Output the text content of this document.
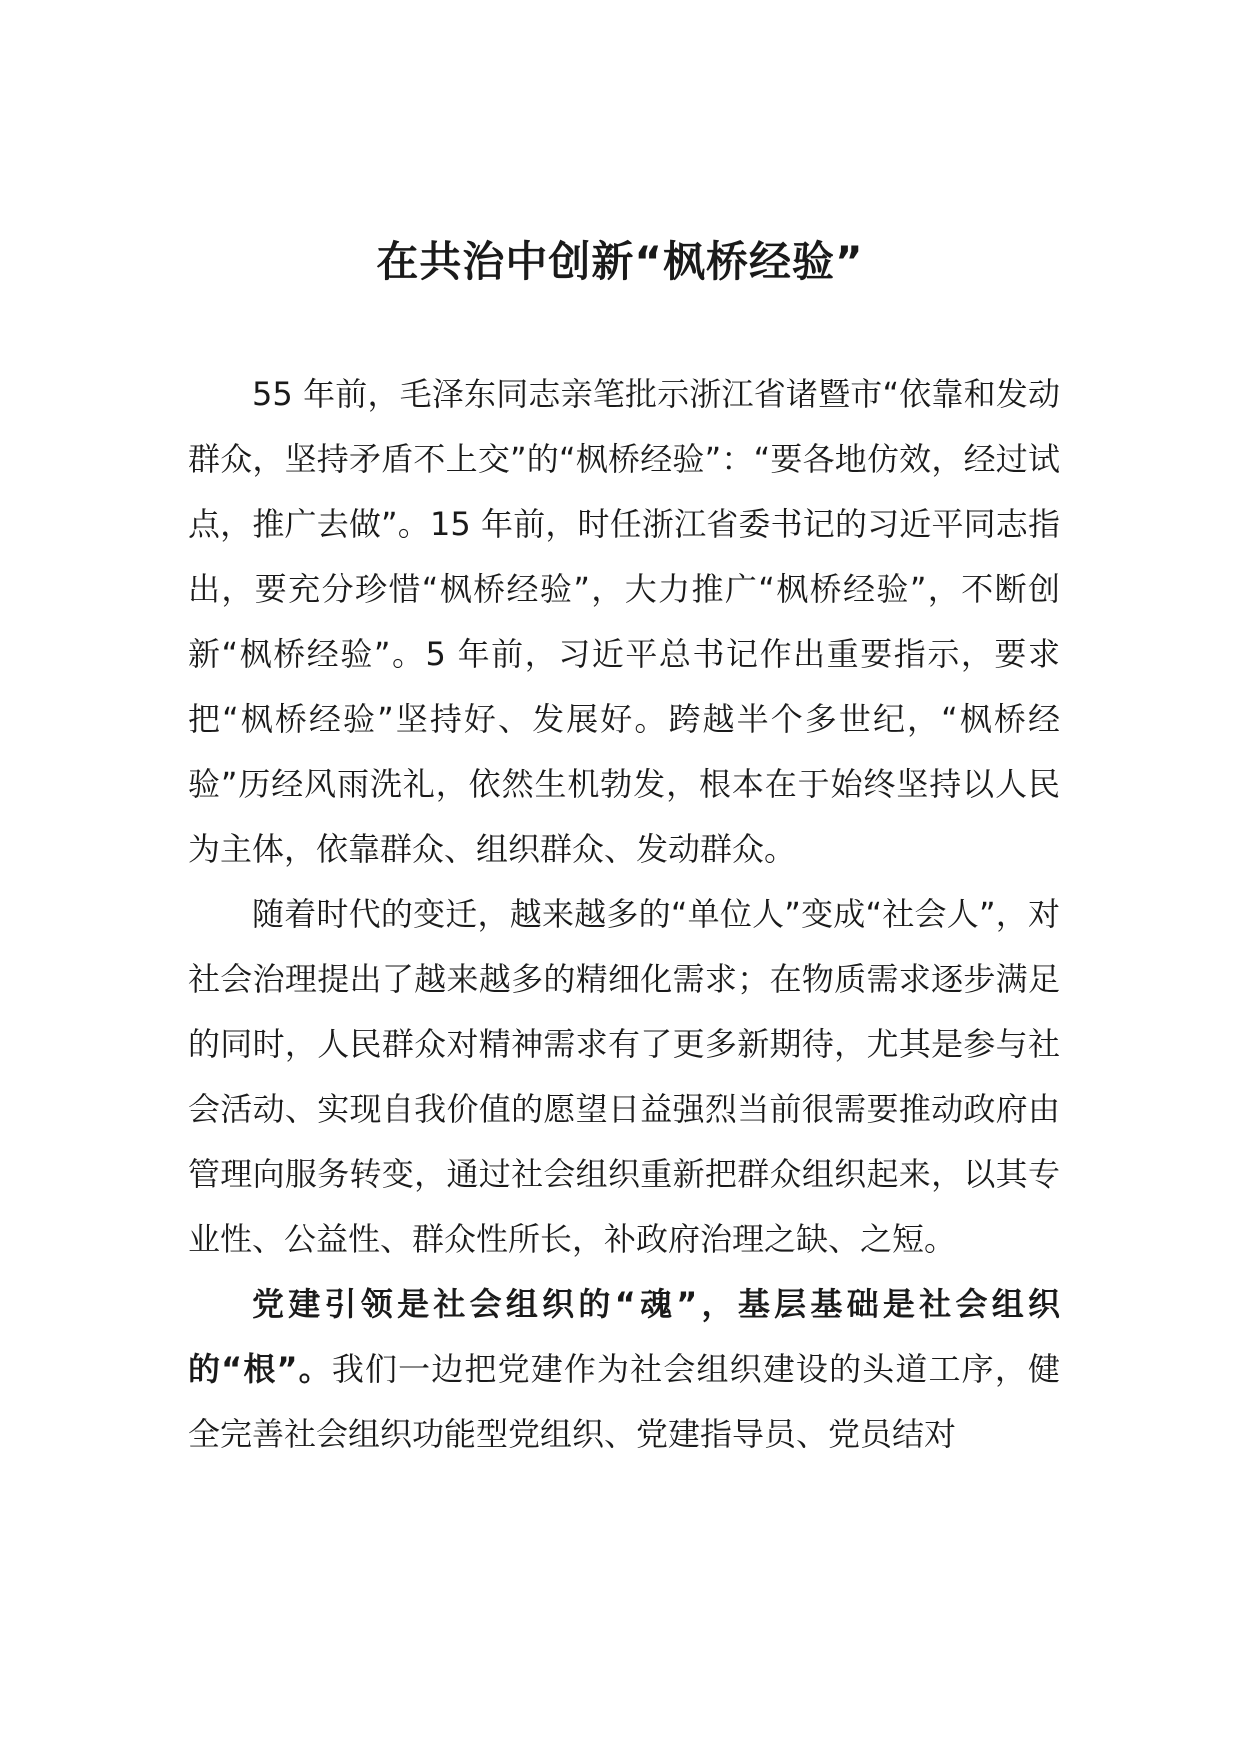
在共治中创新“枫桥经验”

55 年前，毛泽东同志亲笔批示浙江省诸暨市“依靠和发动群众，坚持矛盾不上交”的“枫桥经验”：“要各地仿效，经过试点，推广去做”。15 年前，时任浙江省委书记的习近平同志指出，要充分珍惜“枫桥经验”，大力推广“枫桥经验”，不断创新“枫桥经验”。5 年前，习近平总书记作出重要指示，要求把“枫桥经验”坚持好、发展好。跨越半个多世纪，“枫桥经验”历经风雨洗礼，依然生机勃发，根本在于始终坚持以人民为主体，依靠群众、组织群众、发动群众。

随着时代的变迁，越来越多的“单位人”变成“社会人”，对社会治理提出了越来越多的精细化需求；在物质需求逐步满足的同时，人民群众对精神需求有了更多新期待，尤其是参与社会活动、实现自我价值的愿望日益强烈当前很需要推动政府由管理向服务转变，通过社会组织重新把群众组织起来，以其专业性、公益性、群众性所长，补政府治理之缺、之短。

党建引领是社会组织的“魂”，基层基础是社会组织的“根”。我们一边把党建作为社会组织建设的头道工序，健全完善社会组织功能型党组织、党建指导员、党员结对
